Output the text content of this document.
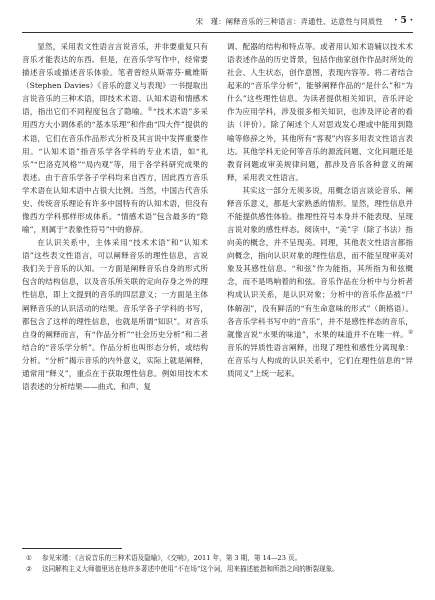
宋　瑾：阐释音乐的三种语言：弄通性、达意性与同质性 · 5 ·

显然，采用表文性语言言说音乐，并非要重复只有音乐才能表达的东西。但是，在音乐学写作中，经常要描述音乐或描述音乐体验。笔者曾经从斯蒂芬·戴维斯（Stephen Davies）《音乐的意义与表现》一书提取出言说音乐的三种术语，即技术术语、认知术语和情感术语，指出它们不同程度包含了隐喻。①“技术术语”多采用西方大小调体系的“基本乐理”和作曲“四大件”提供的术语，它们在音乐作品形式分析及其言说中发挥重要作用。“认知术语”指音乐学各学科的专业术语，如“礼乐”“巴洛克风格”“局内观”等，用于各学科研究成果的表述。由于音乐学各子学科均来自西方，因此西方音乐学术语在认知术语中占很大比例。当然，中国古代音乐史、传统音乐理论有许多中国特有的认知术语，但没有像西方学科那样形成体系。“情感术语”包含最多的“隐喻”，则属于“表象性符号”中的修辞。

在认识关系中，主体采用“技术术语”和“认知术语”这些表文性语言，可以阐释音乐的理性信息，言说我们关于音乐的认知。一方面是阐释音乐自身的形式所包含的结构信息，以及音乐所关联的定向存身之外的理性信息，即上文提到的音乐的四层意义；一方面是主体阐释音乐的认识活动的结果。音乐学各子学科的书写，都包含了这样的理性信息，也就是所谓“知识”。对音乐自身的阐释而言，有“作品分析”“社会历史分析”和二者结合的“音乐学分析”。作品分析也叫形态分析，或结构分析。“分析”揭示音乐的内外意义，实际上就是阐释，通常用“释义”，重点在于获取理性信息。例如用技术术语表述的分析结果——曲式、和声、复

调、配器的结构和特点等。或者用认知术语辅以技术术语表述作品的历史背景，包括作曲家创作作品时所处的社会、人生状态，创作意图，表现内容等。将二者结合起来的“音乐学分析”，能够阐释作品的“是什么”和“为什么”这些理性信息。为读者提供相关知识，音乐评论作为应用学科，涉及很多相关知识，也涉及评论者的看法（评价）。除了阐述个人对思戏发心理或中能用到隐喻等修辞之外，其他所有“客观”内容多用表文性语言表达。其他学科无论何等音乐的源流问题、文化问题还是教育问题或审美规律问题，都涉及音乐各种意义的阐释，采用表文性语言。

其实这一部分无须多说，用概念语言谈论音乐、阐释音乐意义，都是大家熟悉的情形。显然，理性信息并不能提供感性体验。推理性符号本身并不能表现、呈现言说对象的感性样态。阅读中，“美”字（除了书法）指向美的概念，并不呈现美。同理，其他表文性语言都指向概念，指向认识对象的理性信息，而不能呈现审美对象及其感性信息。“和弦”作为能指，其所指为和弦概念，而不是鸣响着的和弦。音乐作品在分析中与分析者构成认识关系，是认识对象；分析中的音乐作品被“尸体解剖”，没有鲜活的“有生命意味的形式”（朗格语）。各音乐学科书写中的“音乐”，并不是感性样态的音乐，就像言说“水果的味道”，水果的味道并不在唯一样。②音乐的异质性语言阐释，出现了理性和感性分离现象：在音乐与人构成的认识关系中，它们在理性信息的“异质同义”上统一起来。

① 参见宋瑾：《言说音乐的三种术语及隐喻》，《交响》，2011 年，第 3 期，第 14—23 页。
② 这同解构主义大师德里达在他许多著述中使用“不在场”这个词，用来描述能指和所指之间的断裂现象。
